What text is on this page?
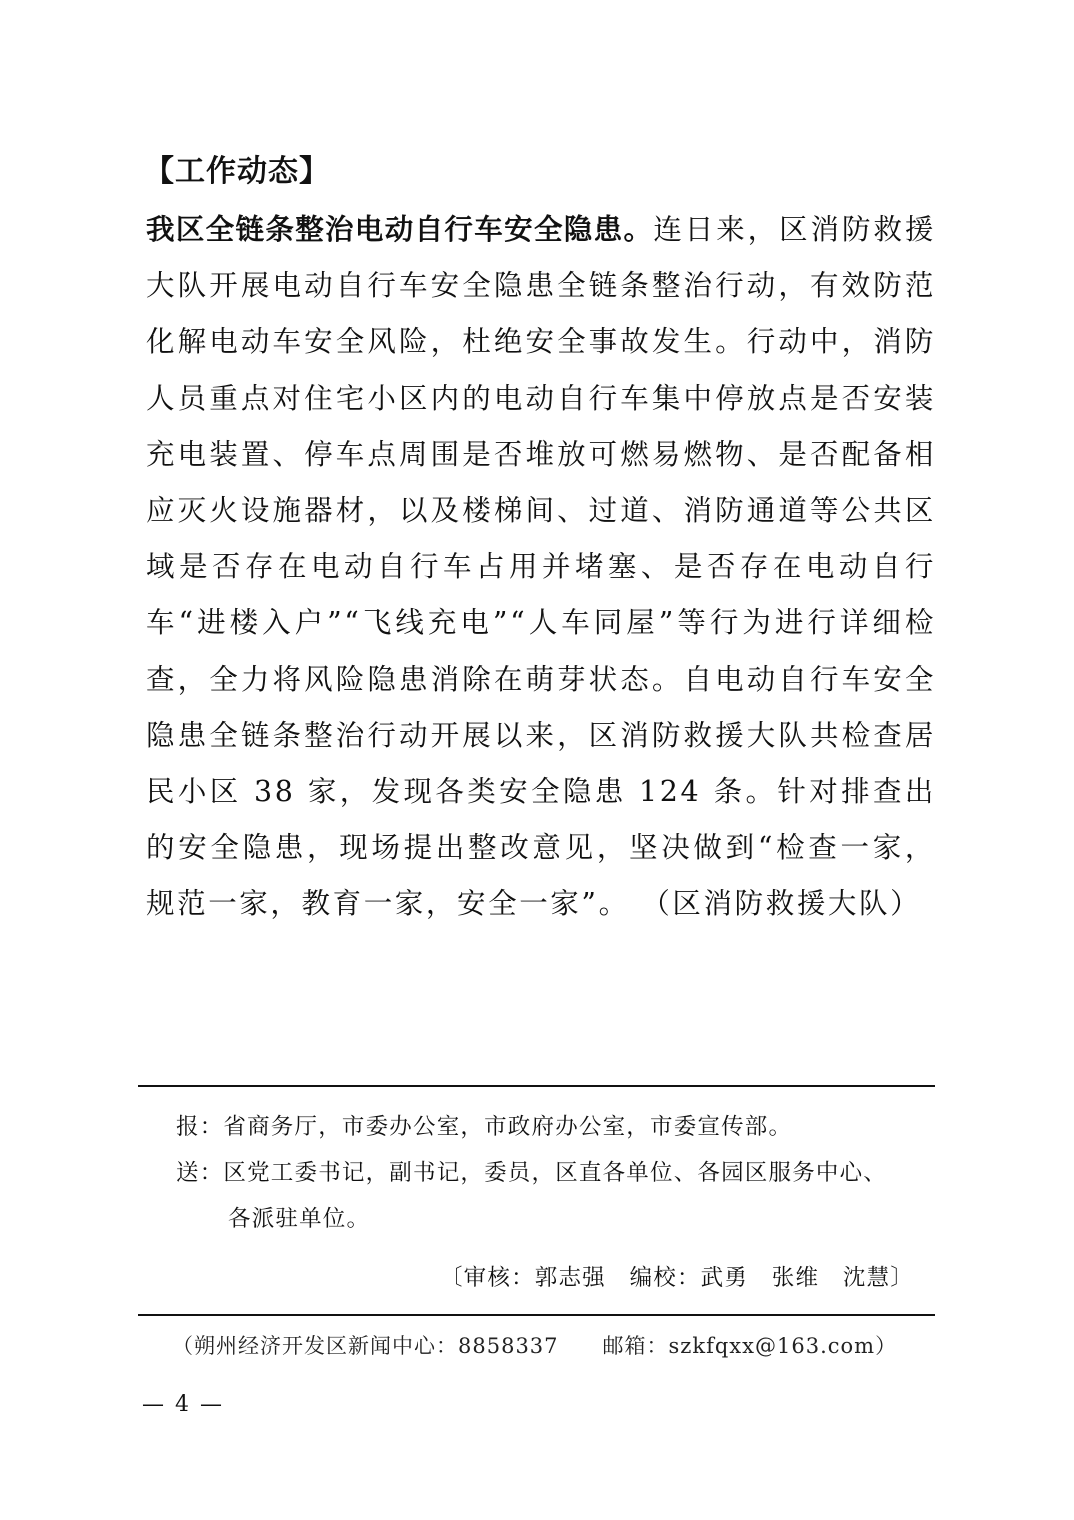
【工作动态】
我区全链条整治电动自行车安全隐患。连日来，区消防救援大队开展电动自行车安全隐患全链条整治行动，有效防范化解电动车安全风险，杜绝安全事故发生。行动中，消防人员重点对住宅小区内的电动自行车集中停放点是否安装充电装置、停车点周围是否堆放可燃易燃物、是否配备相应灭火设施器材，以及楼梯间、过道、消防通道等公共区域是否存在电动自行车占用并堵塞、是否存在电动自行车“进楼入户”“飞线充电”“人车同屋”等行为进行详细检查，全力将风险隐患消除在萌芽状态。自电动自行车安全隐患全链条整治行动开展以来，区消防救援大队共检查居民小区 38 家，发现各类安全隐患 124 条。针对排查出的安全隐患，现场提出整改意见，坚决做到“检查一家，规范一家，教育一家，安全一家”。 （区消防救援大队）
报：省商务厅，市委办公室，市政府办公室，市委宣传部。
送：区党工委书记，副书记，委员，区直各单位、各园区服务中心、
各派驻单位。
〔审核：郭志强　编校：武勇　张维　沈慧〕
（朔州经济开发区新闻中心：8858337　　邮箱：szkfqxx@163.com）
— 4 —
